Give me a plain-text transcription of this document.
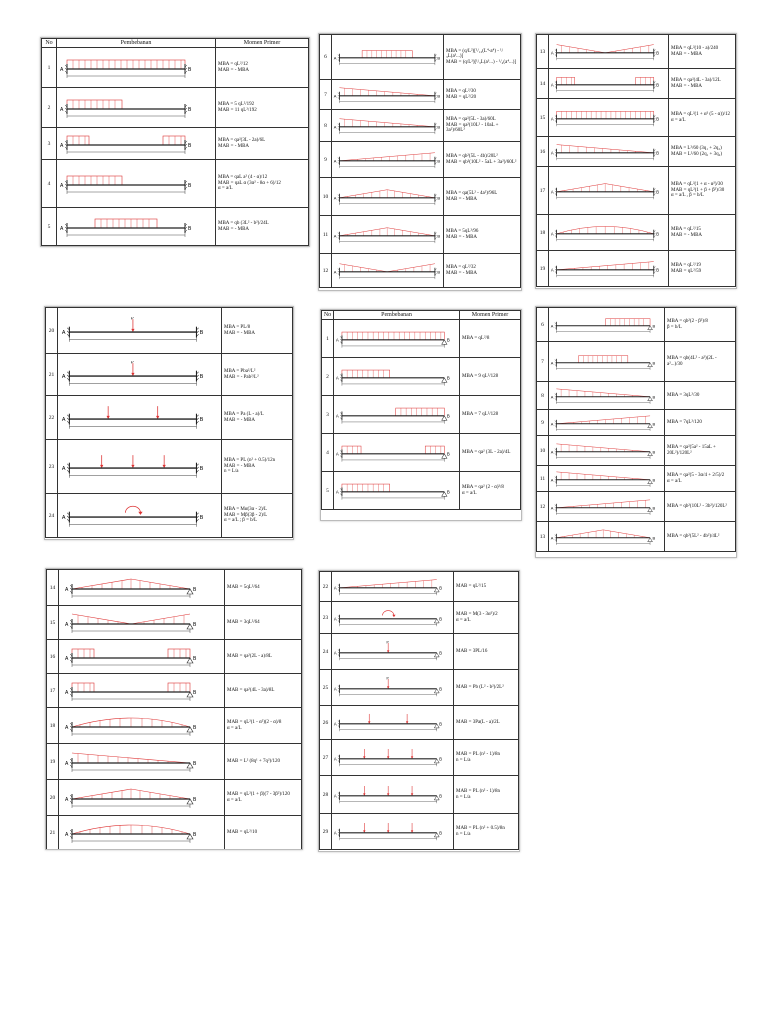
No	Pembebanan	Momen Primer
1		MBA = qL²/12
MAB = - MBA
2		MBA = 5 qL²/192
MAB = 11 qL²/192
3		MBA = qa²(3L - 2a)/6L
MAB = - MBA
4		MBA = qaL a² (4 - α)/12
MAB = qaL α (3α² - 8α + 6)/12
α = a/L
5		MBA = qb (3L² - b²)/24L
MAB = - MBA
6		MBA = (q/L²)[¹/₁₂(L⁴-a⁴) - ¹/₃L(a³...)]
MAB = (q/L²)[¹/₃L(a³...) - ¹/₄(a⁴...)]
7		MBA = qL²/30
MAB = qL²/20
8		MBA = qa²(5L - 3a)/60L
MAB = qa²(10L² - 10aL + 3a²)/60L²
9		MBA = qb²(5L - 4b)/20L²
MAB = qb²(10L² - 5aL + 3a²)/60L²
10		MBA = qa(5L² - 4a²)/96L
MAB = - MBA
11		MBA = 5qL²/96
MAB = - MBA
12		MBA = qL²/32
MAB = - MBA
13		MBA = qL²(10 - a)/240
MAB = - MBA
14		MBA = qa²(4L - 3a)/12L
MAB = - MBA
15		MBA = qL²(1 + α² (5 - α))/12
α = a/L
16		MBA = L²/60 (3q₁ + 2q₂)
MAB = L²/60 (2q₁ + 3q₂)
17		MBA = qL²(1 + α - α²)/30
MAB = qL²(1 + β + β²)/30
α = a/L , β = b/L
18		MBA = qL²/15
MAB = - MBA
19		MBA = qL²/19
MAB = qL²/59
20		MBA = PL/8
MAB = - MBA
21		MBA = Pba²/L²
MAB = - Pab²/L²
22		MBA = Pa (L - a)/L
MAB = - MBA
23		MBA = PL (n² + 0.5)/12n
MAB = - MBA
n = L/a
24		MBA = Mα(3α - 2)/L
MAB = Mβ(3β - 2)/L
α = a/L ; β = b/L
No	Pembebanan	Momen Primer
1		MBA = qL²/8
2		MBA = 9 qL²/128
3		MBA = 7 qL²/128
4		MBA = qa² (3L - 2a)/4L
5		MBA = qa² (2 - α)²/8
α = a/L
6		MBA = qb²(2 - β²)/8
β = b/L
7		MBA = qb(4L² - a²)(2L - a²...)/30
8		MBA = 3qL²/30
9		MBA = 7qL²/120
10		MBA = qa²(5a² - 15aL + 20L²)/120L²
11		MBA = qa²(5 - 3α/4 + 2/5)/2
α = a/L
12		MBA = qb²(10L² - 3b²)/120L²
13		MBA = qb²(5L² - 4b²)/4L²
14		MAB = 5qL²/64
15		MAB = 3qL²/64
16		MAB = qa²(2L - a)/8L
17		MAB = qa²(4L - 3a)/8L
18		MAB = qL²(1 - α²)(2 - α)/8
α = a/L
19		MAB = L² (8q¹ + 7q²)/120
20		MAB = qL²(1 + β)(7 - 3β²)/120
α = a/L
21		MAB = qL²/10
22		MAB = qL²/15
23		MAB = M(3 - 3α²)/2
α = a/L
24		MAB = 3PL/16
25		MAB = Pb (L² - b²)/2L²
26		MAB = 3Pa(L - a)/2L
27		MAB = PL (n² - 1)/8n
n = L/a
28		MAB = PL (n² - 1)/8n
n = L/a
29		MAB = PL (n² + 0.5)/8n
n = L/a
